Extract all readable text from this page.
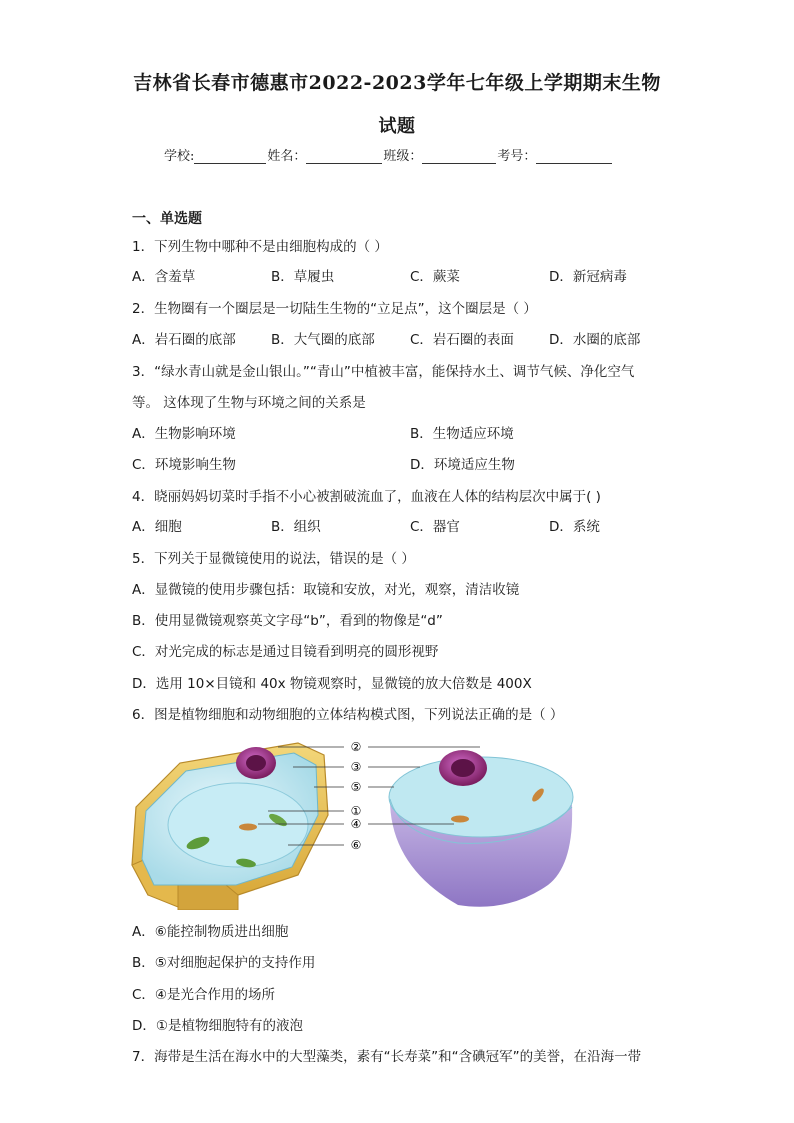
吉林省长春市德惠市2022-2023学年七年级上学期期末生物
试题
学校:	姓名：	班级：	考号：
一、单选题
1．下列生物中哪种不是由细胞构成的（ ）
A．含羞草	B．草履虫	C．蕨菜	D．新冠病毒
2．生物圈有一个圈层是一切陆生生物的“立足点”，这个圈层是（ ）
A．岩石圈的底部	B．大气圈的底部	C．岩石圈的表面	D．水圈的底部
3．“绿水青山就是金山银山。”“青山”中植被丰富，能保持水土、调节气候、净化空气
等。 这体现了生物与环境之间的关系是
A．生物影响环境	B．生物适应环境
C．环境影响生物	D．环境适应生物
4．晓丽妈妈切菜时手指不小心被割破流血了，血液在人体的结构层次中属于( )
A．细胞	B．组织	C．器官	D．系统
5．下列关于显微镜使用的说法，错误的是（ ）
A．显微镜的使用步骤包括：取镜和安放，对光，观察，清洁收镜
B．使用显微镜观察英文字母“b”，看到的物像是“d”
C．对光完成的标志是通过目镜看到明亮的圆形视野
D．选用 10×目镜和 40x 物镜观察时，显微镜的放大倍数是 400X
6．图是植物细胞和动物细胞的立体结构模式图，下列说法正确的是（ ）
②
③
⑤
①
④
⑥
A．⑥能控制物质进出细胞
B．⑤对细胞起保护的支持作用
C．④是光合作用的场所
D．①是植物细胞特有的液泡
7．海带是生活在海水中的大型藻类，素有“长寿菜”和“含碘冠军”的美誉，在沿海一带
